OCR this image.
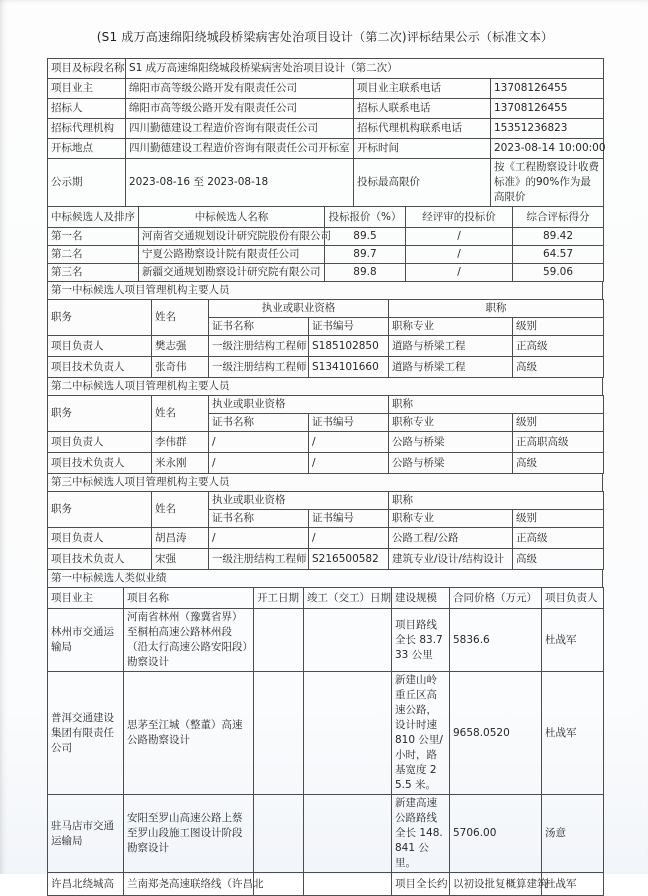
(S1 成万高速绵阳绕城段桥梁病害处治项目设计（第二次)评标结果公示（标准文本）
项目及标段名称	S1 成万高速绵阳绕城段桥梁病害处治项目设计（第二次）		
项目业主	绵阳市高等级公路开发有限责任公司	项目业主联系电话	13708126455
招标人	绵阳市高等级公路开发有限责任公司	招标人联系电话	13708126455
招标代理机构	四川勤德建设工程造价咨询有限责任公司	招标代理机构联系电话	15351236823
开标地点	四川勤德建设工程造价咨询有限责任公司开标室	开标时间	2023-08-14 10:00:00
公示期	2023-08-16 至 2023-08-18	投标最高限价	按《工程勘察设计收费标准》的90%作为最高限价
中标候选人及排序	中标候选人名称	投标报价（%）	经评审的投标价	综合评标得分
第一名	河南省交通规划设计研究院股份有限公司	89.5	/	89.42
第二名	宁夏公路勘察设计院有限责任公司	89.7	/	64.57
第三名	新疆交通规划勘察设计研究院有限公司	89.8	/	59.06
第一中标候选人项目管理机构主要人员
职务	姓名	执业或职业资格		职称	
		证书名称	证书编号	职称专业	级别
项目负责人	樊志强	一级注册结构工程师	S185102850	道路与桥梁工程	正高级
项目技术负责人	张奇伟	一级注册结构工程师	S134101660	道路与桥梁工程	高级
第二中标候选人项目管理机构主要人员
职务	姓名	执业或职业资格		职称	
		证书名称	证书编号	职称专业	级别
项目负责人	李伟群	/	/	公路与桥梁	正高职高级
项目技术负责人	米永刚	/	/	公路与桥梁	高级
第三中标候选人项目管理机构主要人员
职务	姓名	执业或职业资格		职称	
		证书名称	证书编号	职称专业	级别
项目负责人	胡昌涛	/	/	公路工程/公路	正高级
项目技术负责人	宋强	一级注册结构工程师	S216500582	建筑专业/设计/结构设计	高级
第一中标候选人类似业绩
项目业主	项目名称	开工日期	竣工（交工）日期	建设规模	合同价格（万元）	项目负责人
林州市交通运输局	河南省林州（豫冀省界）至桐柏高速公路林州段（沿太行高速公路安阳段）勘察设计			项目路线全长 83.733 公里	5836.6	杜战军
普洱交通建设集团有限责任公司	思茅至江城（整董）高速公路勘察设计			新建山岭重丘区高速公路，设计时速 810 公里/小时，路基宽度 25.5 米。	9658.0520	杜战军
驻马店市交通运输局	安阳至罗山高速公路上蔡至罗山段施工图设计阶段勘察设计			新建高速公路路线全长 148.841 公里。	5706.00	汤意
许昌北绕城高	兰南郑尧高速联络线（许昌北			项目全长约	以初设批复概算建筑	杜战军
